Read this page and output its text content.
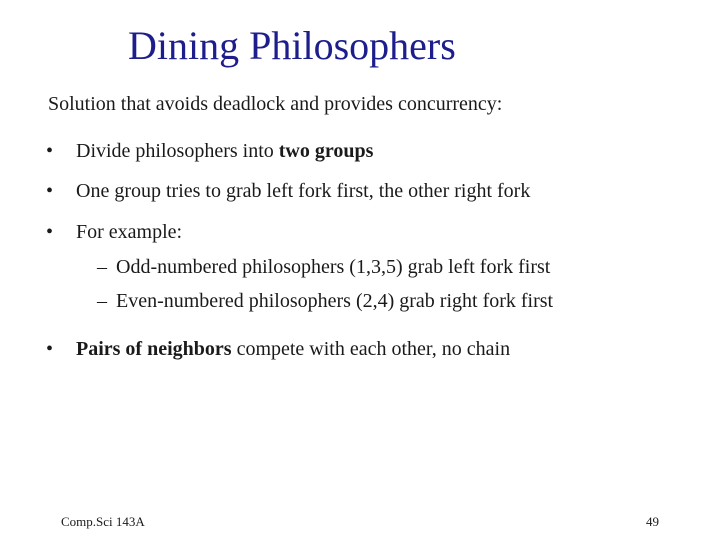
Dining Philosophers
Solution that avoids deadlock and provides concurrency:
• Divide philosophers into two groups
• One group tries to grab left fork first, the other right fork
• For example:
– Odd-numbered philosophers (1,3,5) grab left fork first
– Even-numbered philosophers (2,4) grab right fork first
• Pairs of neighbors compete with each other, no chain
Comp.Sci 143A	49
